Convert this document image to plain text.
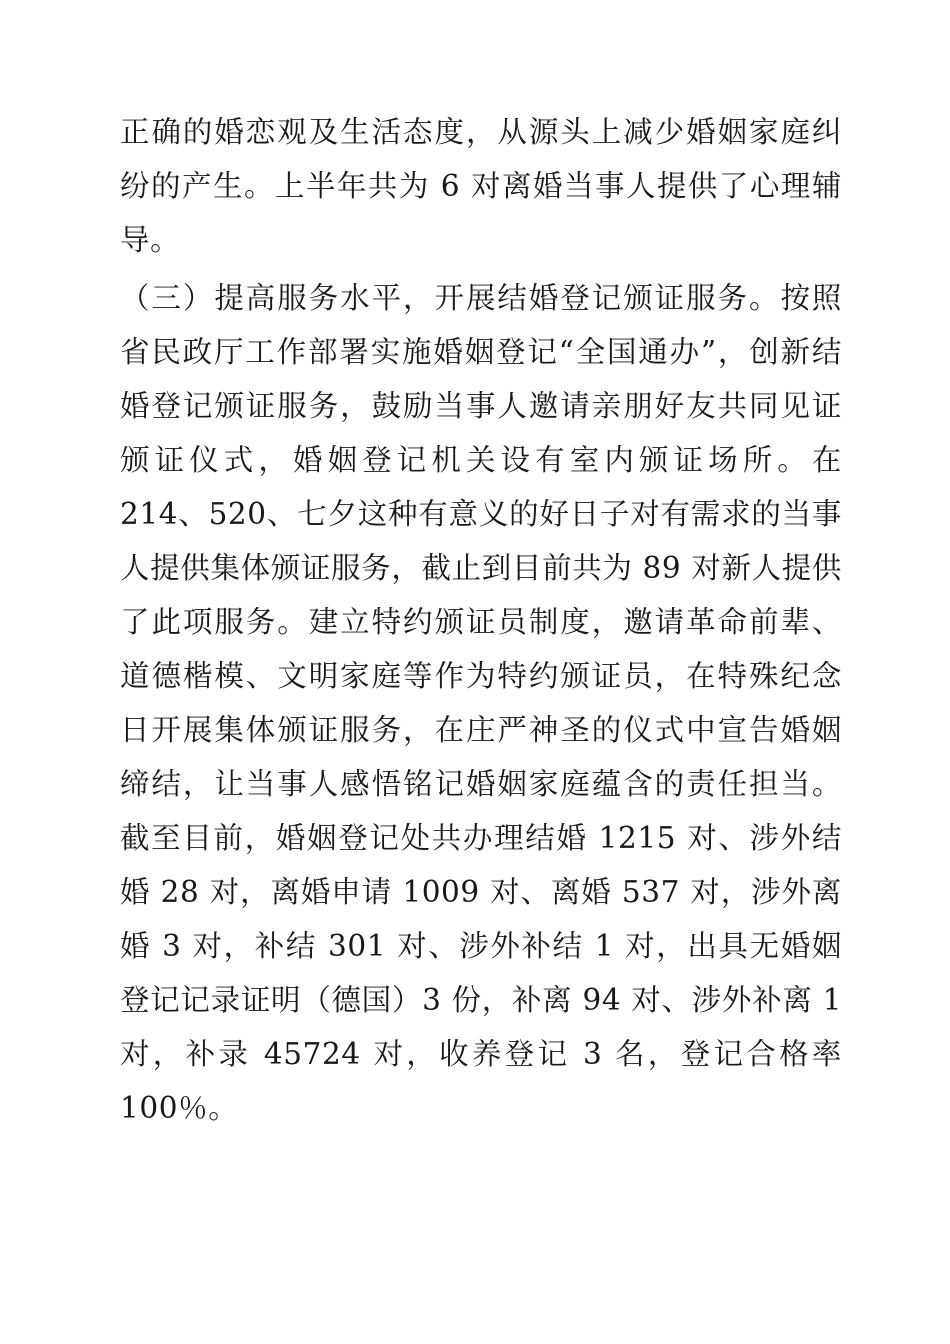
正确的婚恋观及生活态度，从源头上减少婚姻家庭纠纷的产生。上半年共为 6 对离婚当事人提供了心理辅导。

（三）提高服务水平，开展结婚登记颁证服务。按照省民政厅工作部署实施婚姻登记“全国通办”，创新结婚登记颁证服务，鼓励当事人邀请亲朋好友共同见证颁证仪式，婚姻登记机关设有室内颁证场所。在 214、520、七夕这种有意义的好日子对有需求的当事人提供集体颁证服务，截止到目前共为 89 对新人提供了此项服务。建立特约颁证员制度，邀请革命前辈、道德楷模、文明家庭等作为特约颁证员，在特殊纪念日开展集体颁证服务，在庄严神圣的仪式中宣告婚姻缔结，让当事人感悟铭记婚姻家庭蕴含的责任担当。截至目前，婚姻登记处共办理结婚 1215 对、涉外结婚 28 对，离婚申请 1009 对、离婚 537 对，涉外离婚 3 对，补结 301 对、涉外补结 1 对，出具无婚姻登记记录证明（德国）3 份，补离 94 对、涉外补离 1 对，补录 45724 对，收养登记 3 名，登记合格率 100％。
